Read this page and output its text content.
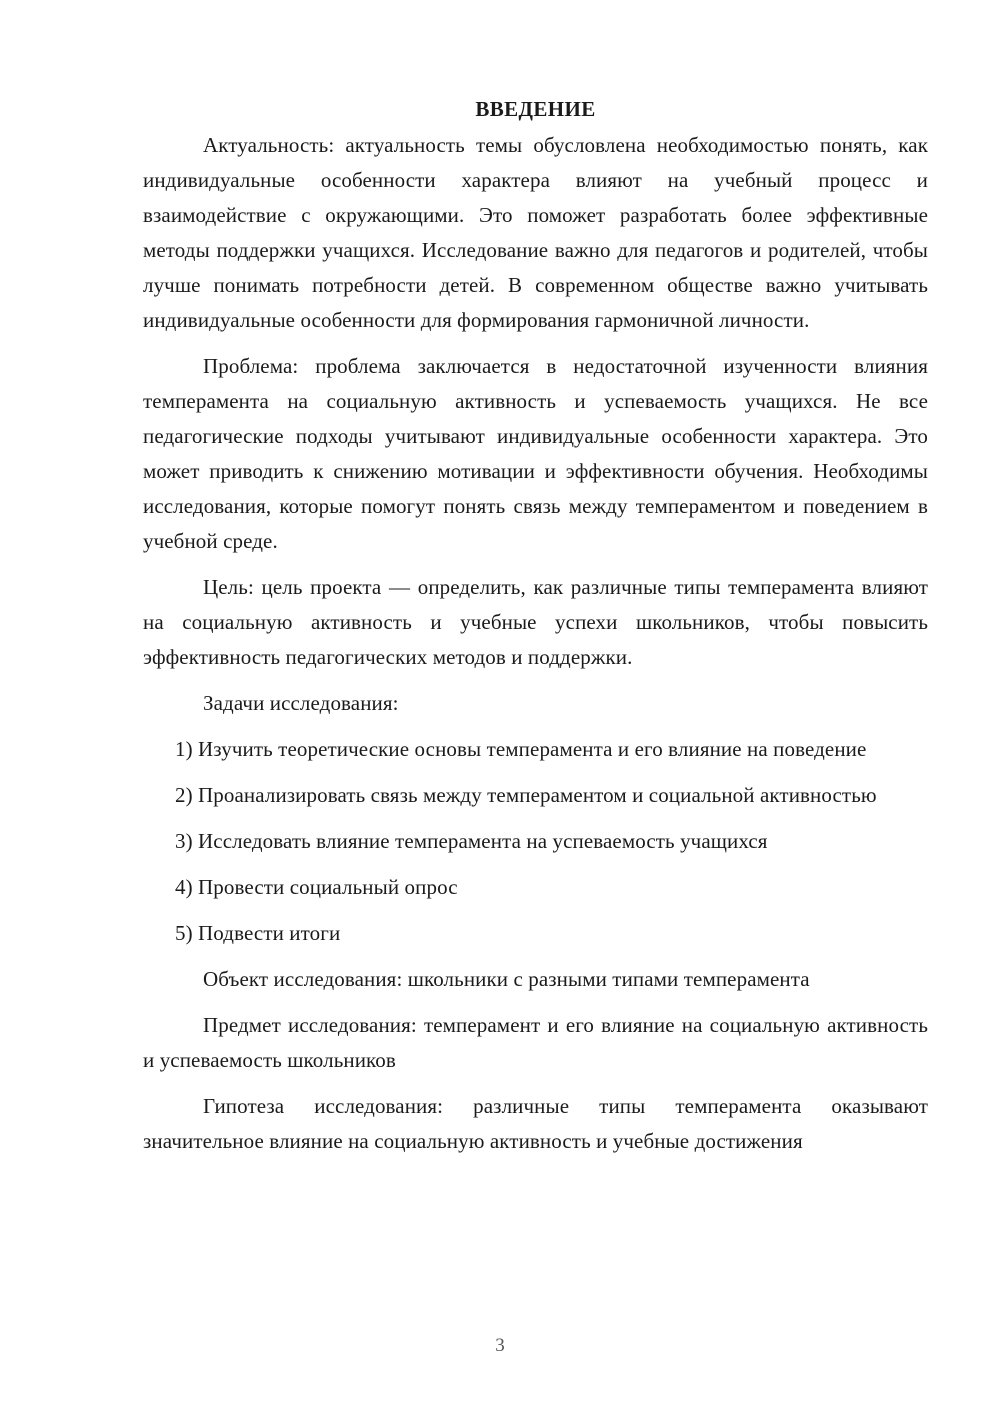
ВВЕДЕНИЕ

Актуальность: актуальность темы обусловлена необходимостью понять, как индивидуальные особенности характера влияют на учебный процесс и взаимодействие с окружающими. Это поможет разработать более эффективные методы поддержки учащихся. Исследование важно для педагогов и родителей, чтобы лучше понимать потребности детей. В современном обществе важно учитывать индивидуальные особенности для формирования гармоничной личности.

Проблема: проблема заключается в недостаточной изученности влияния темперамента на социальную активность и успеваемость учащихся. Не все педагогические подходы учитывают индивидуальные особенности характера. Это может приводить к снижению мотивации и эффективности обучения. Необходимы исследования, которые помогут понять связь между темпераментом и поведением в учебной среде.

Цель: цель проекта — определить, как различные типы темперамента влияют на социальную активность и учебные успехи школьников, чтобы повысить эффективность педагогических методов и поддержки.

Задачи исследования:

1) Изучить теоретические основы темперамента и его влияние на поведение

2) Проанализировать связь между темпераментом и социальной активностью

3) Исследовать влияние темперамента на успеваемость учащихся

4) Провести социальный опрос

5) Подвести итоги

Объект исследования: школьники с разными типами темперамента

Предмет исследования: темперамент и его влияние на социальную активность и успеваемость школьников

Гипотеза исследования: различные типы темперамента оказывают значительное влияние на социальную активность и учебные достижения

3
